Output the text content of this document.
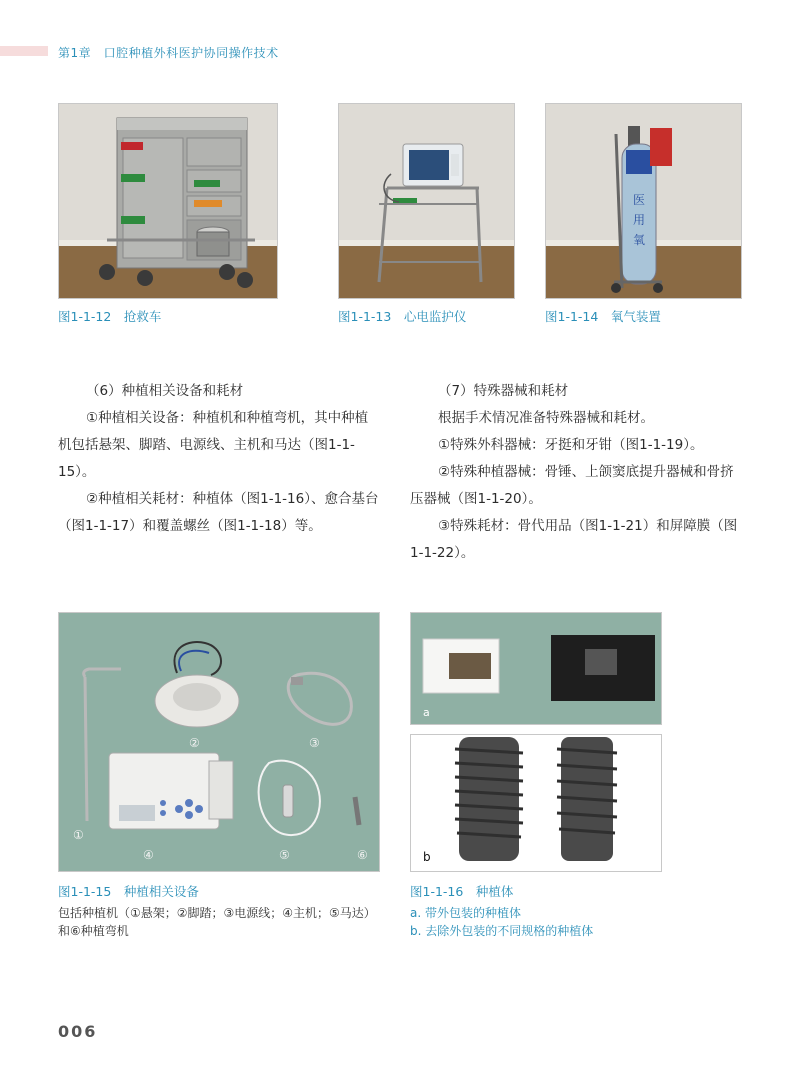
第1章　 口腔种植外科医护协同操作技术
图1-1-12　抢救车	图1-1-13　心电监护仪
医
用
氧
图1-1-14　氧气装置

（6）种植相关设备和耗材

①种植相关设备：种植机和种植弯机，其中种植机包括悬架、脚踏、电源线、主机和马达（图1-1-15）。

②种植相关耗材：种植体（图1-1-16）、愈合基台（图1-1-17）和覆盖螺丝（图1-1-18）等。

（7）特殊器械和耗材

根据手术情况准备特殊器械和耗材。

①特殊外科器械：牙挺和牙钳（图1-1-19）。

②特殊种植器械：骨锤、上颌窦底提升器械和骨挤压器械（图1-1-20）。

③特殊耗材：骨代用品（图1-1-21）和屏障膜（图1-1-22）。

①
②	③
④	⑤	⑥
图1-1-15　种植相关设备
包括种植机（①悬架；②脚踏；③电源线；④主机；⑤马达）和⑥种植弯机
a
b
图1-1-16　种植体
a. 带外包装的种植体
b. 去除外包装的不同规格的种植体
006
